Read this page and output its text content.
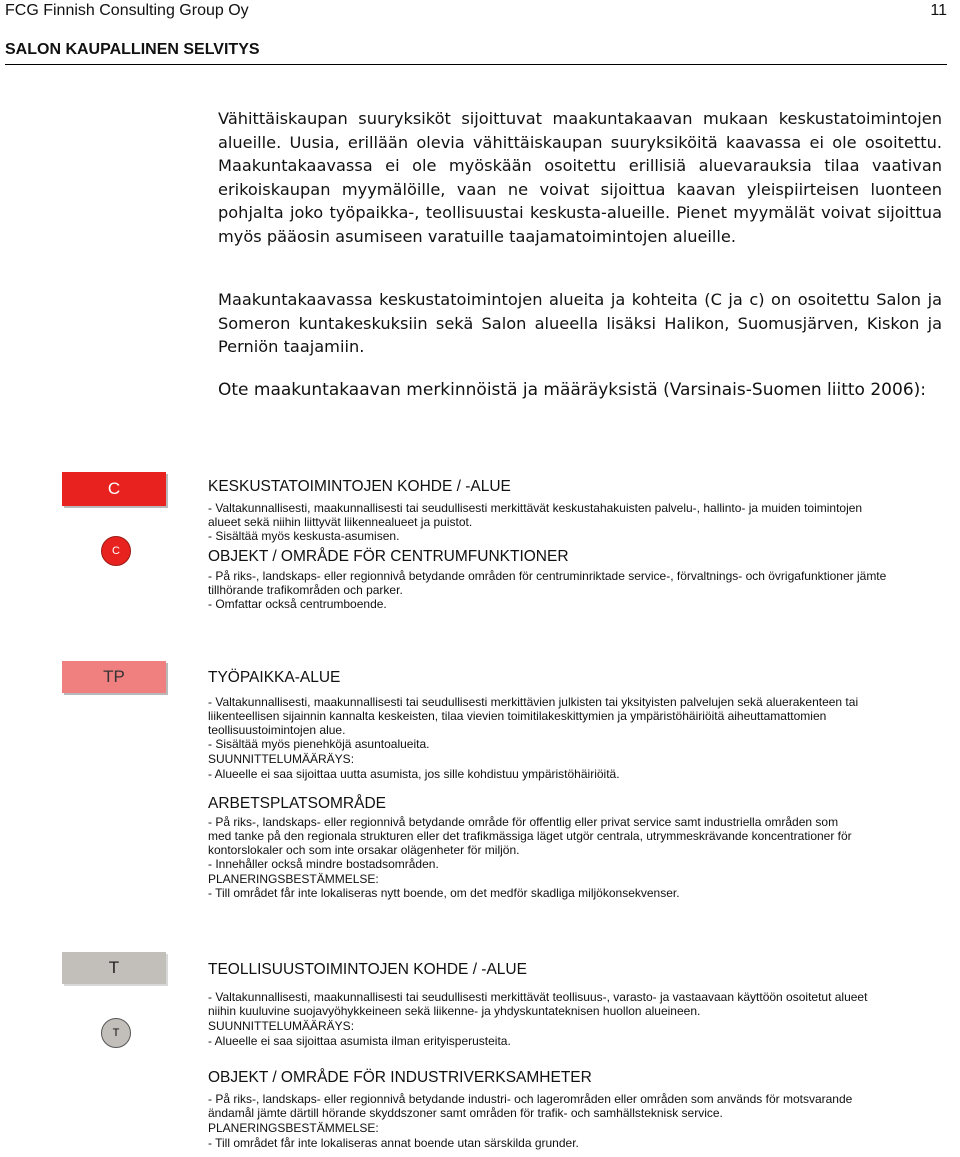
FCG Finnish Consulting Group Oy	11
SALON KAUPALLINEN SELVITYS
Vähittäiskaupan suuryksiköt sijoittuvat maakuntakaavan mukaan keskustatoimintojen alueille. Uusia, erillään olevia vähittäiskaupan suuryksiköitä kaavassa ei ole osoitettu. Maakuntakaavassa ei ole myöskään osoitettu erillisiä aluevarauksia tilaa vaativan erikoiskaupan myymälöille, vaan ne voivat sijoittua kaavan yleispiirteisen luonteen pohjalta joko työpaikka-, teollisuustai keskusta-alueille. Pienet myymälät voivat sijoittua myös pääosin asumiseen varatuille taajamatoimintojen alueille.
Maakuntakaavassa keskustatoimintojen alueita ja kohteita (C ja c) on osoitettu Salon ja Someron kuntakeskuksiin sekä Salon alueella lisäksi Halikon, Suomusjärven, Kiskon ja Perniön taajamiin.
Ote maakuntakaavan merkinnöistä ja määräyksistä (Varsinais-Suomen liitto 2006):
C
C
KESKUSTATOIMINTOJEN KOHDE / -ALUE
- Valtakunnallisesti, maakunnallisesti tai seudullisesti merkittävät keskustahakuisten palvelu-, hallinto- ja muiden toimintojen
alueet sekä niihin liittyvät liikennealueet ja puistot.
- Sisältää myös keskusta-asumisen.
OBJEKT / OMRÅDE FÖR CENTRUMFUNKTIONER
- På riks-, landskaps- eller regionnivå betydande områden för centruminriktade service-, förvaltnings- och övrigafunktioner jämte
tillhörande trafikområden och parker.
- Omfattar också centrumboende.
TP	TYÖPAIKKA-ALUE
- Valtakunnallisesti, maakunnallisesti tai seudullisesti merkittävien julkisten tai yksityisten palvelujen sekä aluerakenteen tai
liikenteellisen sijainnin kannalta keskeisten, tilaa vievien toimitilakeskittymien ja ympäristöhäiriöitä aiheuttamattomien
teollisuustoimintojen alue.
- Sisältää myös pienehköjä asuntoalueita.
SUUNNITTELUMÄÄRÄYS:
- Alueelle ei saa sijoittaa uutta asumista, jos sille kohdistuu ympäristöhäiriöitä.
ARBETSPLATSOMRÅDE
- På riks-, landskaps- eller regionnivå betydande område för offentlig eller privat service samt industriella områden som
med tanke på den regionala strukturen eller det trafikmässiga läget utgör centrala, utrymmeskrävande koncentrationer för
kontorslokaler och som inte orsakar olägenheter för miljön.
- Innehåller också mindre bostadsområden.
PLANERINGSBESTÄMMELSE:
- Till området får inte lokaliseras nytt boende, om det medför skadliga miljökonsekvenser.
T
T
TEOLLISUUSTOIMINTOJEN KOHDE / -ALUE
- Valtakunnallisesti, maakunnallisesti tai seudullisesti merkittävät teollisuus-, varasto- ja vastaavaan käyttöön osoitetut alueet
niihin kuuluvine suojavyöhykkeineen sekä liikenne- ja yhdyskuntateknisen huollon alueineen.
SUUNNITTELUMÄÄRÄYS:
- Alueelle ei saa sijoittaa asumista ilman erityisperusteita.
OBJEKT / OMRÅDE FÖR INDUSTRIVERKSAMHETER
- På riks-, landskaps- eller regionnivå betydande industri- och lagerområden eller områden som används för motsvarande
ändamål jämte därtill hörande skyddszoner samt områden för trafik- och samhällsteknisk service.
PLANERINGSBESTÄMMELSE:
- Till området får inte lokaliseras annat boende utan särskilda grunder.
